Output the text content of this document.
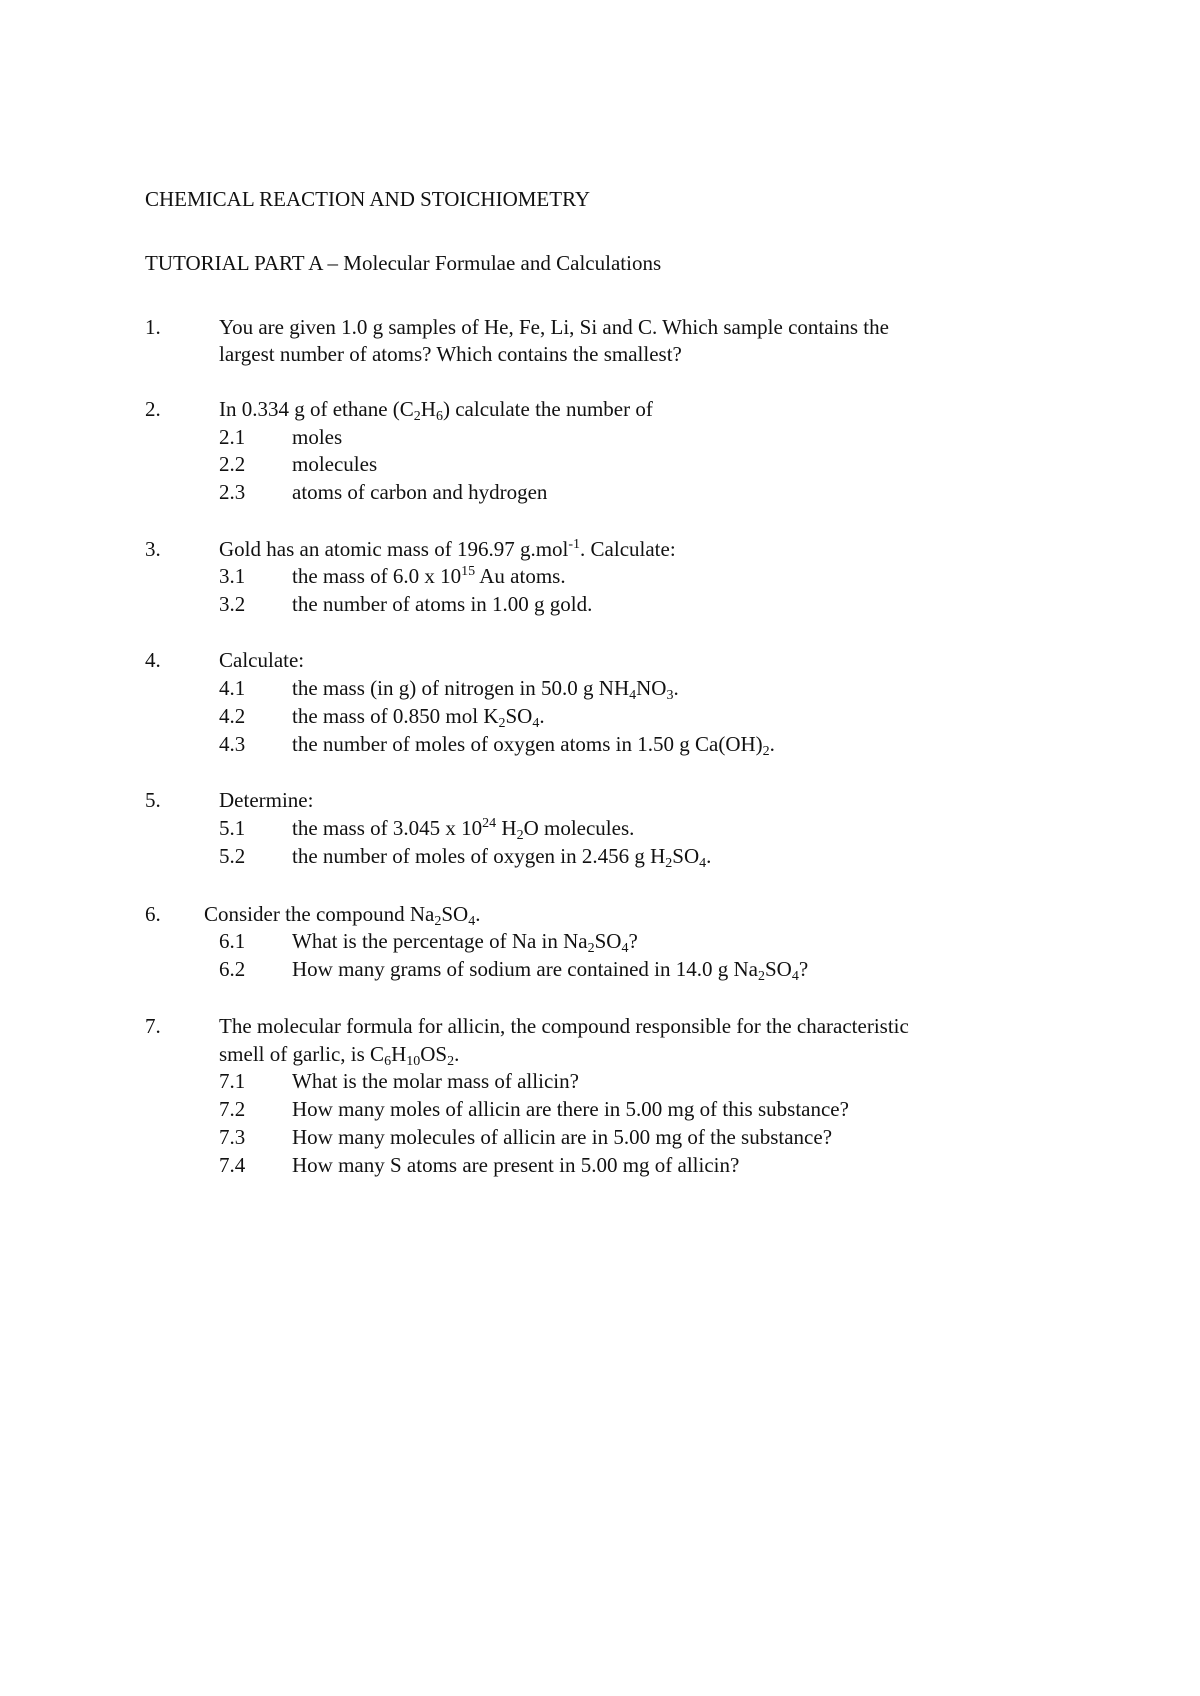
CHEMICAL REACTION AND STOICHIOMETRY
TUTORIAL PART A – Molecular Formulae and Calculations
1.	You are given 1.0 g samples of He, Fe, Li, Si and C. Which sample contains the
largest number of atoms? Which contains the smallest?
2.	In 0.334 g of ethane $(C_2H_6)$ calculate the number of
2.1 moles
2.2 molecules
2.3 atoms of carbon and hydrogen
3.	Gold has an atomic mass of 196.97 g.mol$^{-1}$. Calculate:
3.1 the mass of 6.0 x $10^{15}$ Au atoms.
3.2 the number of atoms in 1.00 g gold.
4.	Calculate:
4.1 the mass (in g) of nitrogen in 50.0 g $NH_4NO_3$.
4.2 the mass of 0.850 mol $K_2SO_4$.
4.3 the number of moles of oxygen atoms in 1.50 g $Ca(OH)_2$.
5.	Determine:
5.1 the mass of 3.045 x $10^{24}$ $H_2O$ molecules.
5.2 the number of moles of oxygen in 2.456 g $H_2SO_4$.
6. Consider the compound $Na_2SO_4$.
6.1 What is the percentage of Na in $Na_2SO_4$?
6.2 How many grams of sodium are contained in 14.0 g $Na_2SO_4$?
7.	The molecular formula for allicin, the compound responsible for the characteristic
smell of garlic, is $C_6H_{10}OS_2$.
7.1 What is the molar mass of allicin?
7.2 How many moles of allicin are there in 5.00 mg of this substance?
7.3 How many molecules of allicin are in 5.00 mg of the substance?
7.4 How many S atoms are present in 5.00 mg of allicin?
